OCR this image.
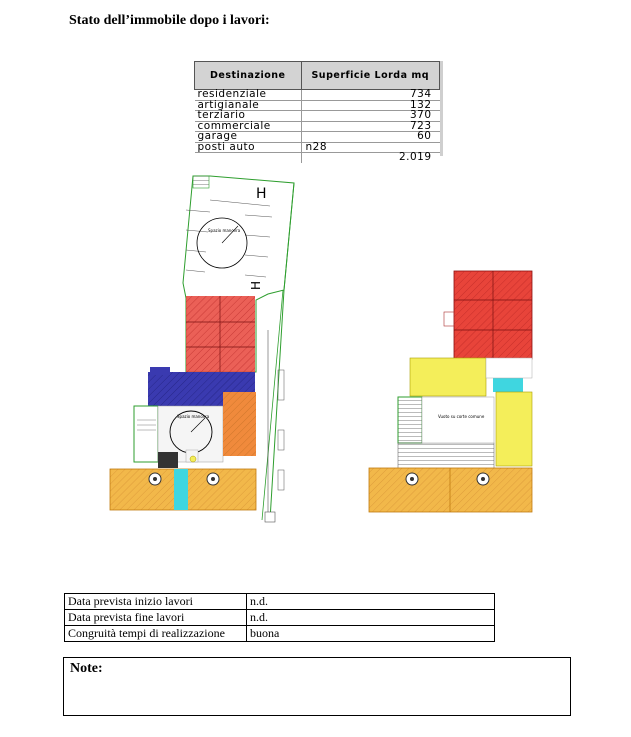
Stato dell’immobile dopo i lavori:
Destinazione	Superficie Lorda mq
residenziale	734
artigianale	132
terziario	370
commerciale	723
garage	60
posti auto	n28
	2.019
Spazio manovra
H
H
Spazio manovra	Vuoto su corte comune
Data prevista inizio lavori	n.d.
Data prevista fine lavori	n.d.
Congruità tempi di realizzazione	buona
Note:
